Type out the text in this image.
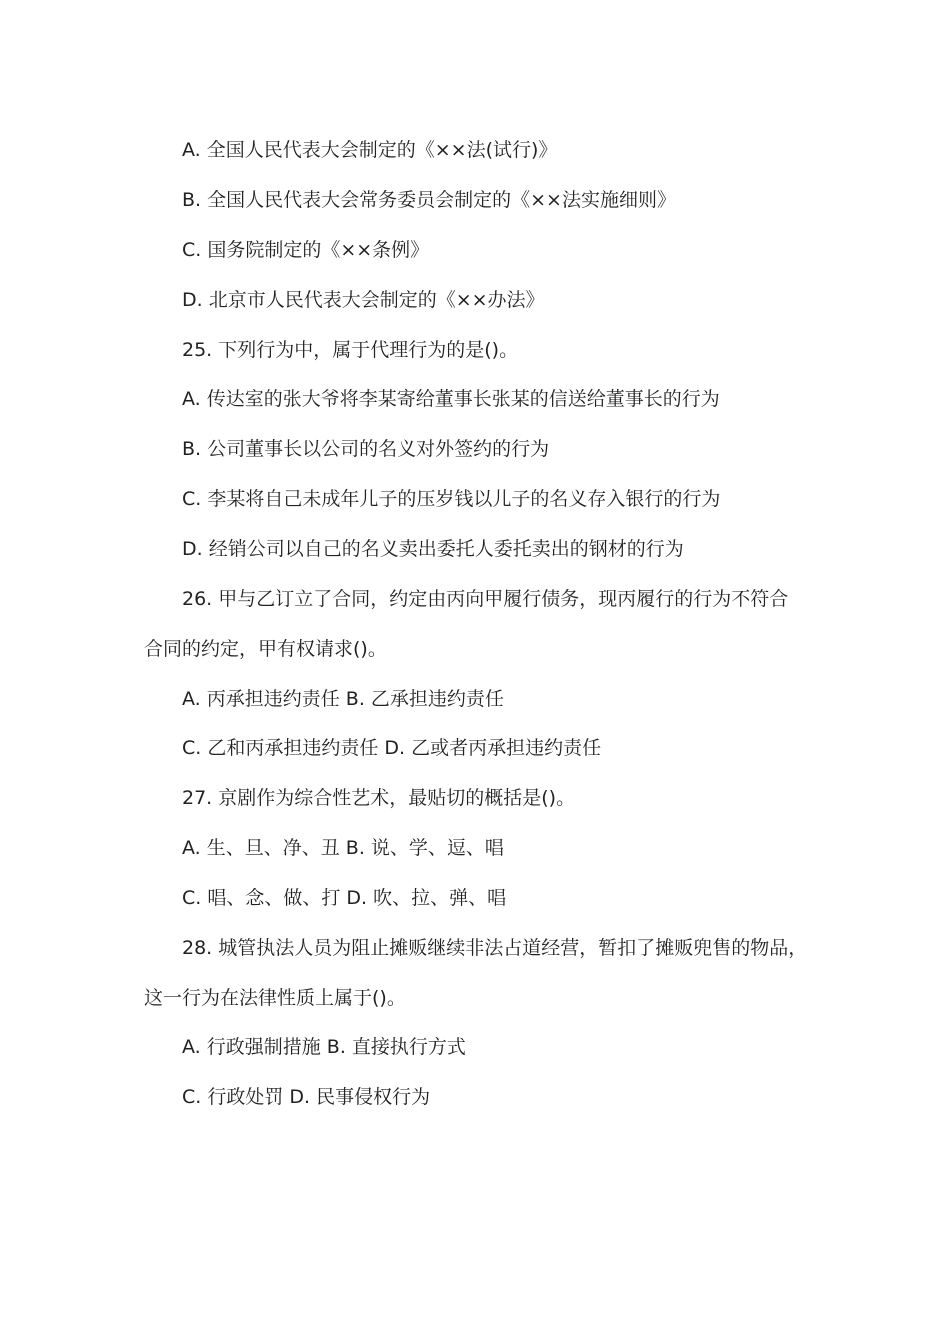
A. 全国人民代表大会制定的《××法(试行)》
B. 全国人民代表大会常务委员会制定的《××法实施细则》
C. 国务院制定的《××条例》
D. 北京市人民代表大会制定的《××办法》
25. 下列行为中，属于代理行为的是()。
A. 传达室的张大爷将李某寄给董事长张某的信送给董事长的行为
B. 公司董事长以公司的名义对外签约的行为
C. 李某将自己未成年儿子的压岁钱以儿子的名义存入银行的行为
D. 经销公司以自己的名义卖出委托人委托卖出的钢材的行为
26. 甲与乙订立了合同，约定由丙向甲履行债务，现丙履行的行为不符合
合同的约定，甲有权请求()。
A. 丙承担违约责任 B. 乙承担违约责任
C. 乙和丙承担违约责任 D. 乙或者丙承担违约责任
27. 京剧作为综合性艺术，最贴切的概括是()。
A. 生、旦、净、丑 B. 说、学、逗、唱
C. 唱、念、做、打 D. 吹、拉、弹、唱
28. 城管执法人员为阻止摊贩继续非法占道经营，暂扣了摊贩兜售的物品，
这一行为在法律性质上属于()。
A. 行政强制措施 B. 直接执行方式
C. 行政处罚 D. 民事侵权行为
